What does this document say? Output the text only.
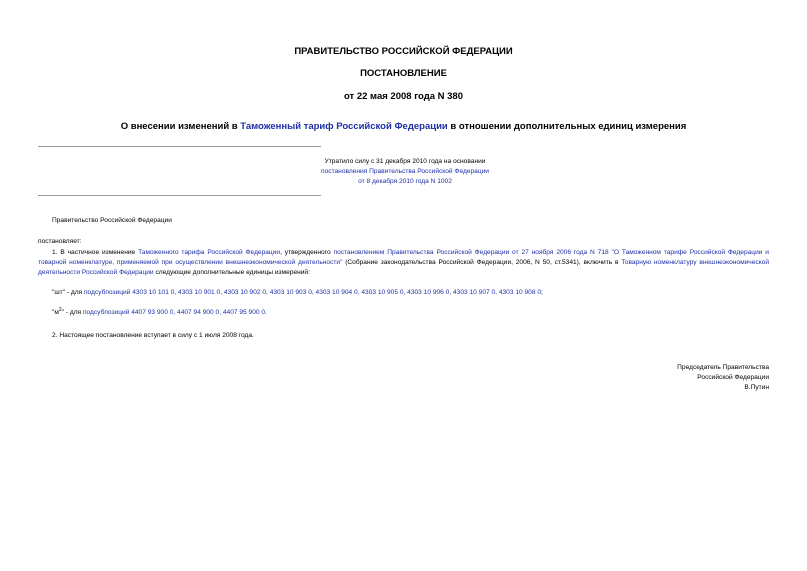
ПРАВИТЕЛЬСТВО РОССИЙСКОЙ ФЕДЕРАЦИИ
ПОСТАНОВЛЕНИЕ
от 22 мая 2008 года N 380
О внесении изменений в Таможенный тариф Российской Федерации в отношении дополнительных единиц измерения
Утратило силу с 31 декабря 2010 года на основании
постановления Правительства Российской Федерации
от 8 декабря 2010 года N 1002
Правительство Российской Федерации
постановляет:
1. В частичное изменение Таможенного тарифа Российской Федерации, утвержденного постановлением Правительства Российской Федерации от 27 ноября 2006 года N 718 "О Таможенном тарифе Российской Федерации и товарной номенклатуре, применяемой при осуществлении внешнеэкономической деятельности" (Собрание законодательства Российской Федерации, 2006, N 50, ст.5341), включить в Товарную номенклатуру внешнеэкономической деятельности Российской Федерации следующие дополнительные единицы измерений:
"шт" - для подсубпозиций 4303 10 101 0, 4303 10 901 0, 4303 10 902 0, 4303 10 903 0, 4303 10 904 0, 4303 10 905 0, 4303 10 906 0, 4303 10 907 0, 4303 10 908 0;
"$м^2$" - для подсубпозиций 4407 93 900 0, 4407 94 900 0, 4407 95 900 0.
2. Настоящее постановление вступает в силу с 1 июля 2008 года.
Председатель Правительства
Российской Федерации
В.Путин
